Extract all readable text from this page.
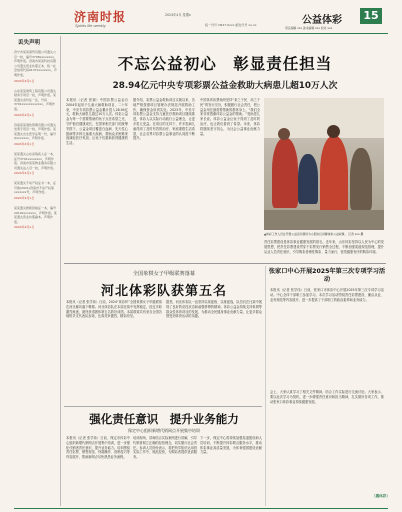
济南时报
Spirits life weekly
2024年4月 星期x
统一刊号 CN37-0xxx 邮发代号 xx-xx	公益体彩	15
责任编辑 xxx 美术编辑 xxx 校对 xxx
丢失声明
济宁市某某商贸有限公司遗失公章一枚，编号3708xxxxxxxx，声明作废。济南市某某科技有限公司遗失营业执照正本，统一社会信用代码9137xxxxxxxx，声明作废。
2024年4月x日
山东某某建筑工程有限公司遗失财务专用章一枚，声明作废。某某遗失身份证一张，号码3701xxxxxxxxxxxx，声明作废。
2024年4月x日
济南某某餐饮管理有限公司遗失发票专用章一枚，声明作废。某某遗失出生医学证明一份，编号Qxxxxxxx，声明作废。
2024年4月x日
某某遗失山东省残疾人证一本，证号3701xxxxxxxx，声明作废。济南市某某物业服务有限公司遗失法人章一枚，声明作废。
2024年4月x日
某某遗失不动产权证书一本，证号鲁(2021)济南市不动产权第xxxxxxx号，声明作废。
2024年4月x日
某某遗失教师资格证一本，编号2019xxxxxxxx，声明作废。某某遗失营业执照副本，声明作废。
2024年4月x日
不忘公益初心　彰显责任担当
28.94亿元中央专项彩票公益金救助大病患儿超10万人次
本报讯（记者 张颖）中国彩票公益金自2004年起用于儿童大病救助项目，二十年来，中央专项彩票公益金累计投入28.94亿元，救助大病患儿超过10万人次。体彩公益金为每一个需要帮助的孩子点亮希望之光，守护他们健康成长，在国家相关部门的统筹安排下，公益金项目覆盖白血病、先天性心脏病等多种儿童重大疾病，帮助众多困难家庭减轻医疗负担，让孩子们重新获得健康的生活。
据介绍，彩票公益金救助项目实施以来，各地严格按照项目管理办法规范开展救助工作，确保资金用到实处。2023年，中央专项彩票公益金支持儿童医疗救助项目继续推进，体彩人以实际行动践行公益理念，让更多患儿受益。在项目的支持下，许多患病儿童得到了及时有效的治疗，家庭重燃生活希望，社会各界对彩票公益事业的认同度不断提升。
中国体育彩票始终坚持“来之于民、用之于民”的发行宗旨，积极履行社会责任，把公益金用在最需要帮助的群体身上。“我们全家非常感谢体彩公益金的帮助。”受助患儿家长说。体彩公益金让孩子得到了及时的治疗，也让我们看到了希望。未来，体彩将继续坚守初心，为社会公益事业贡献力量。
▲体彩工作人员在开展公益活动现场为小朋友们讲解体彩公益故事。 记者 xxx 摄
责任彩票建设是体彩事业健康发展的基石。近年来，山东体彩坚持以人民为中心的发展思想，把责任彩票建设贯穿于彩票发行销售全过程，不断加强渠道规范管理，提升从业人员责任意识，引导购彩者理性购彩、量力而行，营造健康有序的购彩环境。
全国象棋女子甲级联赛落幕
河北体彩队获第五名
本报讯（记者 张学伟）日前，2024“体彩杯”全国象棋女子甲级联赛在河北廊坊落下帷幕。河北体彩队在本届比赛中发挥稳定，经过多轮激烈角逐，最终获得团体第五名的好成绩。本届联赛共有来自全国各地的多支代表队参赛，比赛竞争激烈，精彩纷呈。
据悉，河北体彩队一直坚持以赛促练、以练促战，队员们在比赛中展现了良好的竞技状态和顽强拼搏的精神。体彩公益金持续支持象棋等群众性体育项目的发展，为推动全民健身事业贡献力量，让更多群众感受到体育运动的乐趣。
强化责任意识　提升业务能力
保定中心组织新增代销网点开展集中培训
本报讯（记者 张学伟）日前，保定市体彩中心组织新增代销网点开展集中培训，进一步强化代销者责任意识，提升业务能力。培训围绕责任彩票、销售规范、终端操作、营销技巧等内容展开，帮助新网点尽快熟悉业务流程。
培训现场，讲师结合实际案例进行讲解，引导代销者树立正确的经营理念，切实履行社会责任。参训人员纷纷表示，将把所学知识运用到实际工作中，规范经营，为购彩者提供优质服务。
下一步，保定中心将持续加强渠道建设和人员培训，不断提升体彩网点服务水平，推动体彩事业高质量发展，为体育强国建设贡献力量。
张家口中心开展2025年第三次专项学习活动
本报讯（记者 张学伟）日前，张家口市体彩中心开展2025年第三次专项学习活动。中心全体干部职工参加学习。本次学习活动围绕责任彩票建设、廉洁从业、业务规范等内容展开，进一步提高了干部职工的政治素养和业务能力。
会上，大家认真学习了相关文件精神，结合工作实际进行交流讨论。大家表示，要以此次学习为契机，进一步增强责任意识和担当精神，扎实做好各项工作，推动张家口体彩事业持续健康发展。
（冀体彩）
